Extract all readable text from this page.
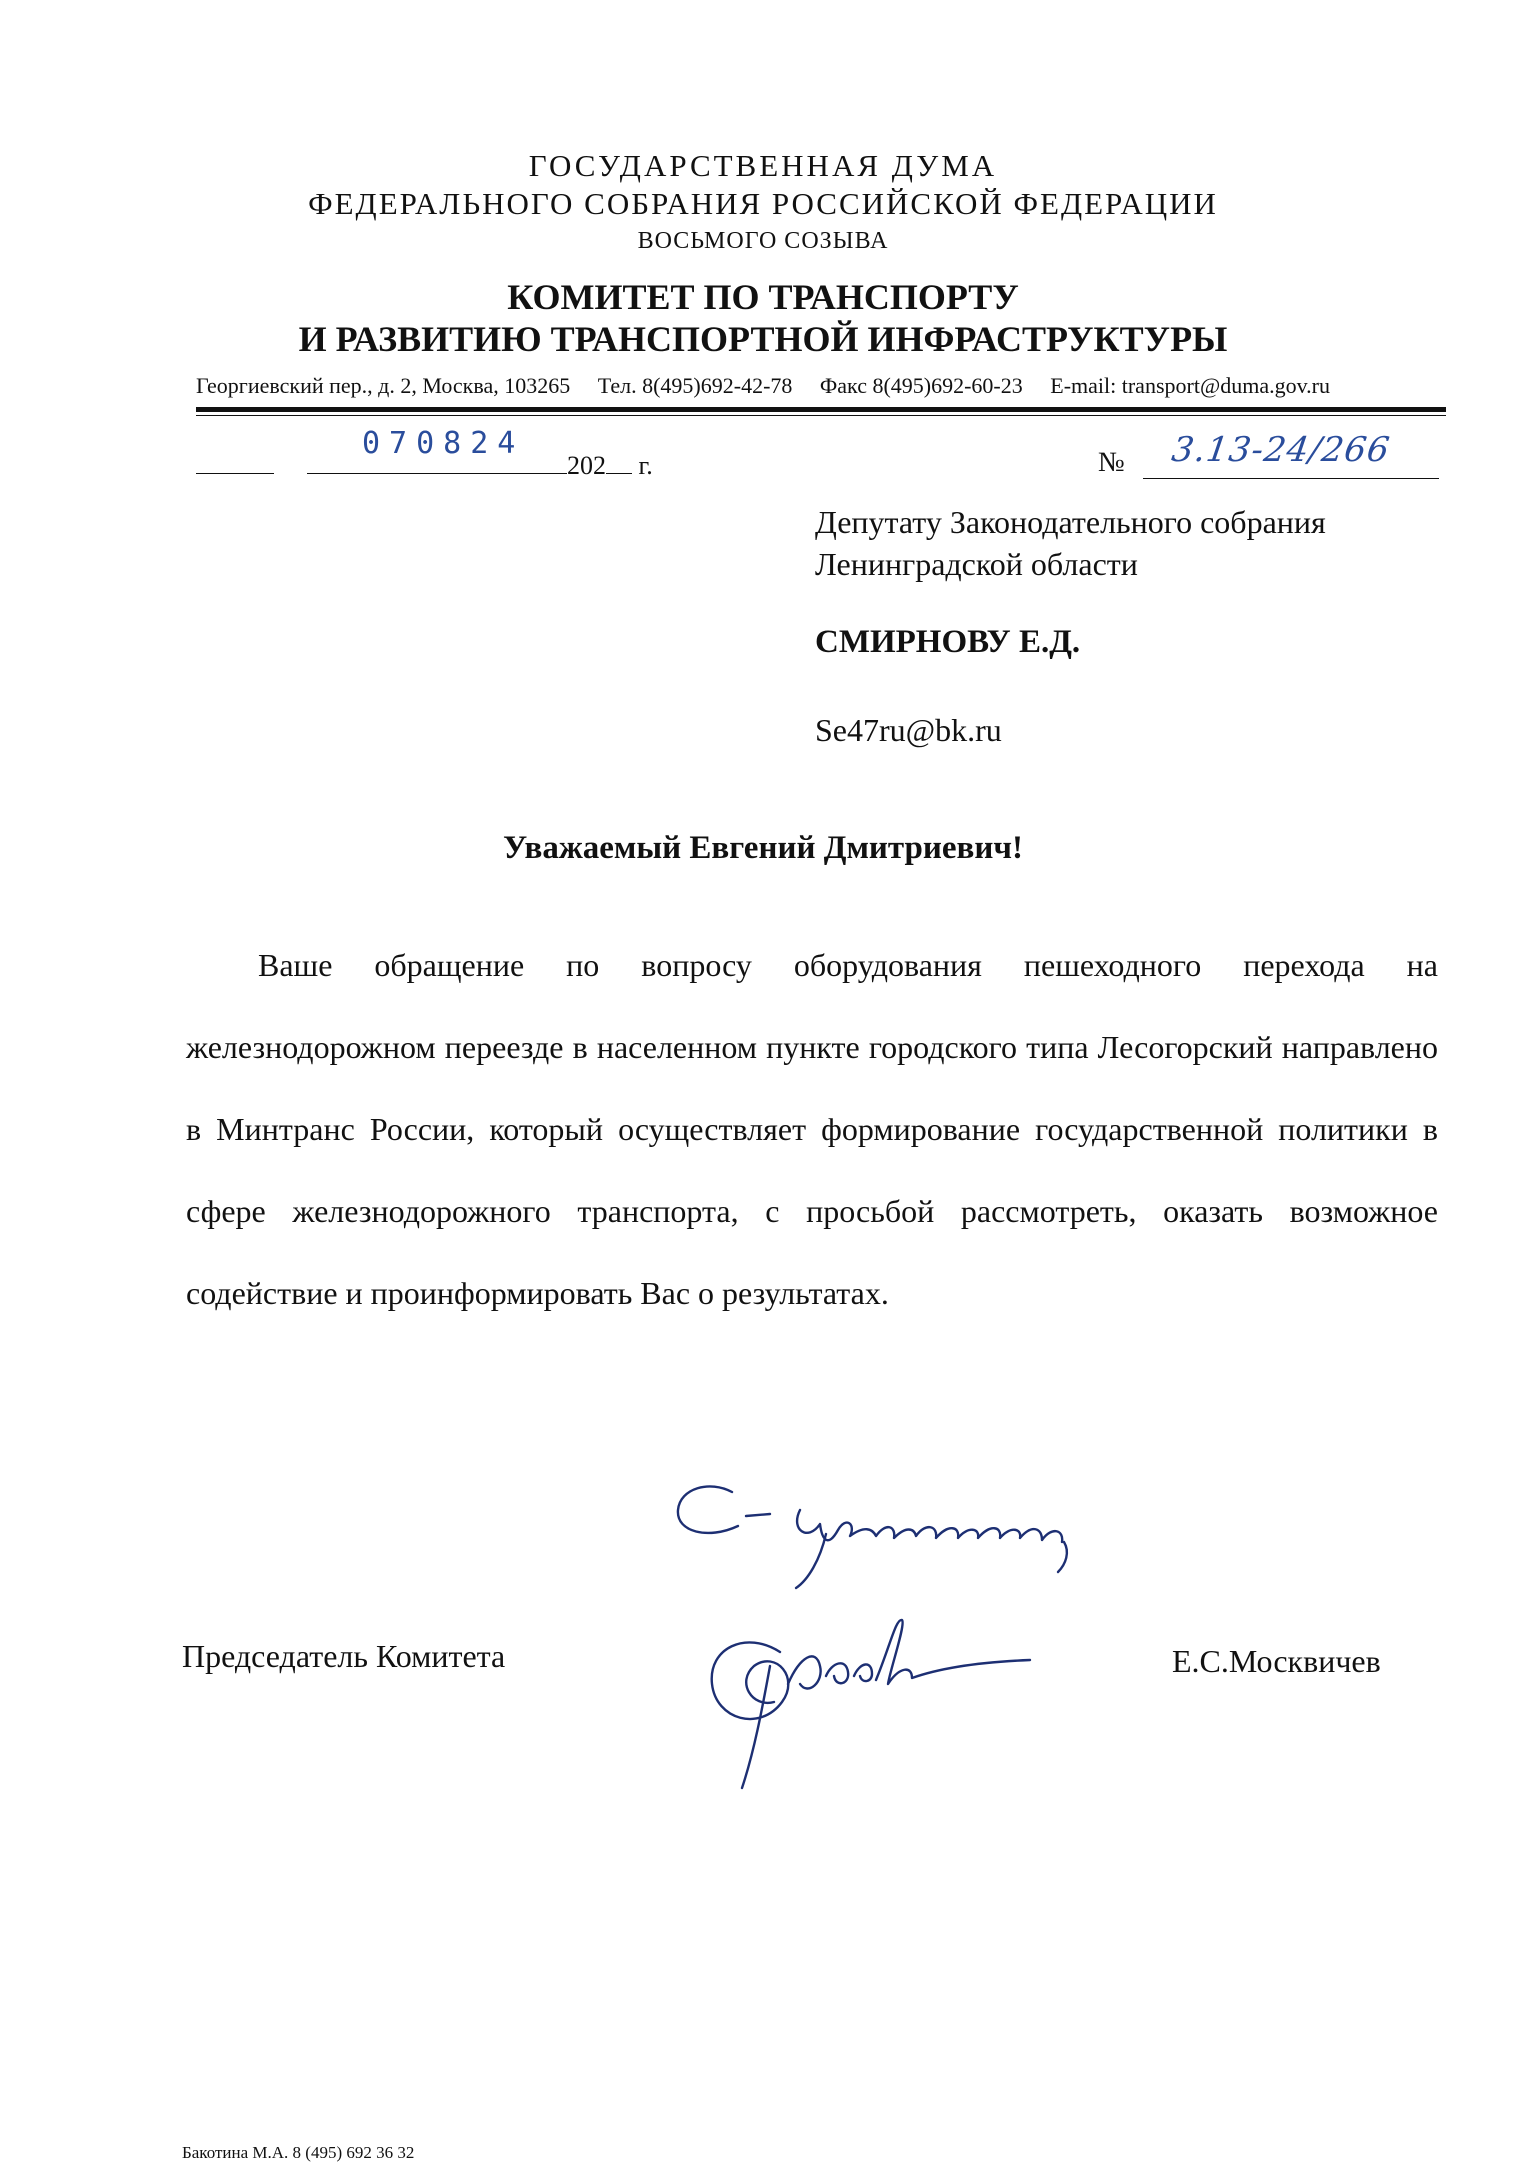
ГОСУДАРСТВЕННАЯ ДУМА
ФЕДЕРАЛЬНОГО СОБРАНИЯ РОССИЙСКОЙ ФЕДЕРАЦИИ
ВОСЬМОГО СОЗЫВА
КОМИТЕТ ПО ТРАНСПОРТУ
И РАЗВИТИЮ ТРАНСПОРТНОЙ ИНФРАСТРУКТУРЫ
Георгиевский пер., д. 2, Москва, 103265 Тел. 8(495)692-42-78 Факс 8(495)692-60-23 E-mail: transport@duma.gov.ru
202 г.
070824
№ 3.13-24/266
Депутату Законодательного собрания
Ленинградской области
СМИРНОВУ Е.Д.
Se47ru@bk.ru
Уважаемый Евгений Дмитриевич!

Ваше обращение по вопросу оборудования пешеходного перехода на железнодорожном переезде в населенном пункте городского типа Лесогорский направлено в Минтранс России, который осуществляет формирование государственной политики в сфере железнодорожного транспорта, с просьбой рассмотреть, оказать возможное содействие и проинформировать Вас о результатах.

С уважением,
Председатель Комитета	Е.С.Москвичев
Бакотина М.А. 8 (495) 692 36 32
